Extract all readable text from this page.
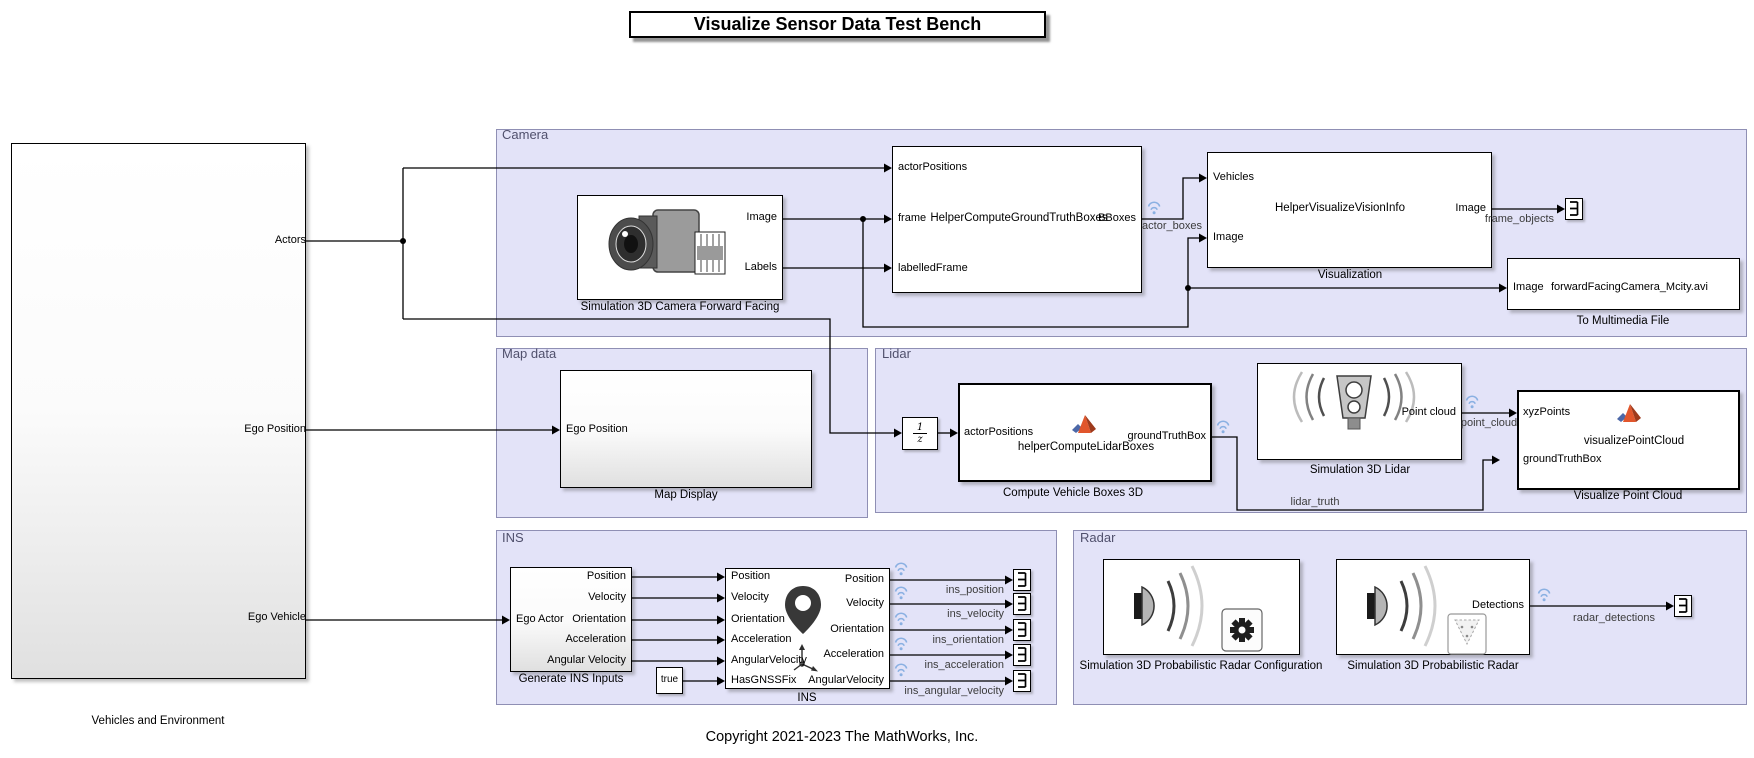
Visualize Sensor Data Test Bench
$\frac{1}{z}$
true
Camera
Map data	Lidar
INS	Radar
Actors
Ego Position
Ego Vehicle
Vehicles and Environment
Image
Labels
Simulation 3D Camera Forward Facing
actorPositions
frame
labelledFrame
BBoxes
HelperComputeGroundTruthBoxes
actor_boxes
Vehicles
Image
HelperVisualizeVisionInfo	Image
Visualization
frame_objects
Image forwardFacingCamera_Mcity.avi
To Multimedia File
Ego Position
Map Display
actorPositions	groundTruthBox
helperComputeLidarBoxes
Compute Vehicle Boxes 3D
Point cloud
Simulation 3D Lidar
point_cloud
lidar_truth
xyzPoints
groundTruthBox
visualizePointCloud
Visualize Point Cloud
Ego Actor
Position
Velocity
Orientation
Acceleration
Angular Velocity
Generate INS Inputs
Position
Velocity
Orientation
Acceleration
AngularVelocity
HasGNSSFix
Position
Velocity
Orientation
Acceleration
AngularVelocity
INS
ins_position
ins_velocity
ins_orientation
ins_acceleration
ins_angular_velocity
Simulation 3D Probabilistic Radar Configuration Simulation 3D Probabilistic Radar
Detections
radar_detections
Copyright 2021-2023 The MathWorks, Inc.
